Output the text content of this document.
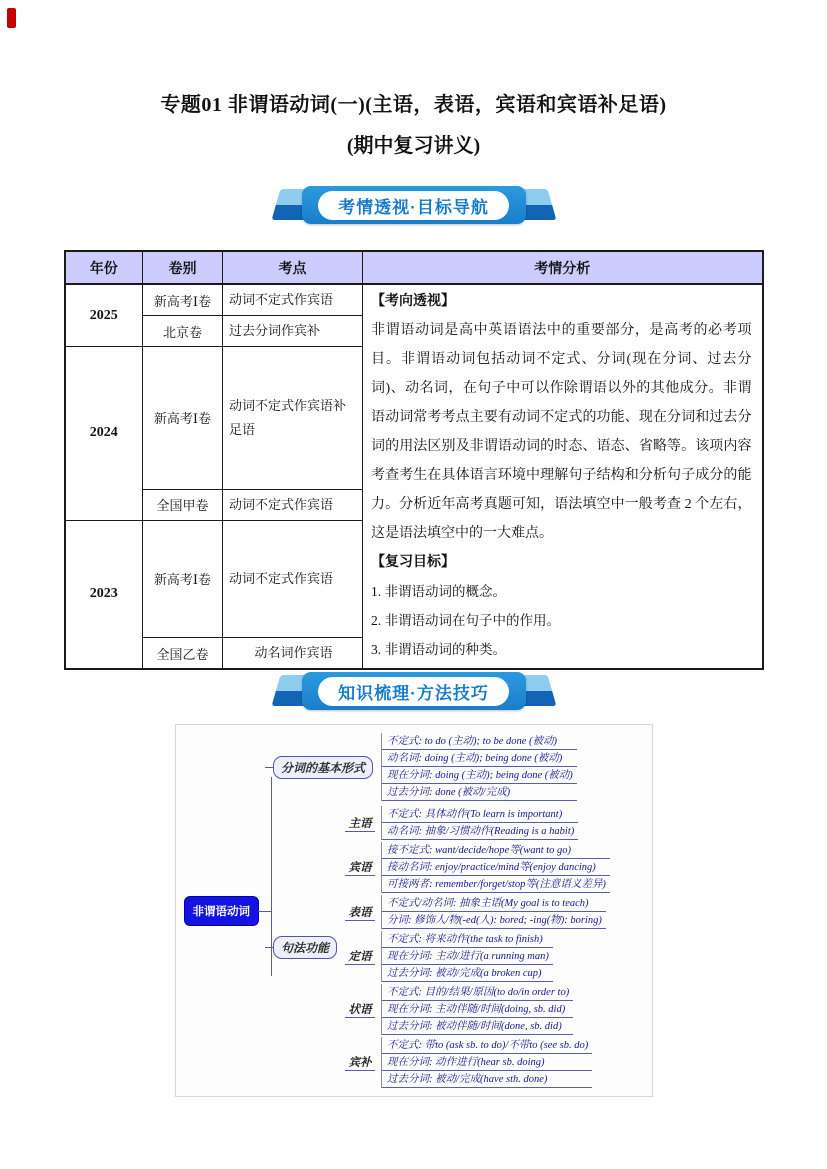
专题01 非谓语动词(一)(主语，表语，宾语和宾语补足语)
(期中复习讲义)
考情透视·目标导航
年份	卷别	考点	考情分析
2025	新高考Ⅰ卷	动词不定式作宾语	【考向透视】
非谓语动词是高中英语语法中的重要部分，是高考的必考项目。非谓语动词包括动词不定式、分词(现在分词、过去分词)、动名词，在句子中可以作除谓语以外的其他成分。非谓语动词常考考点主要有动词不定式的功能、现在分词和过去分词的用法区别及非谓语动词的时态、语态、省略等。该项内容考查考生在具体语言环境中理解句子结构和分析句子成分的能力。分析近年高考真题可知，语法填空中一般考查 2 个左右，这是语法填空中的一大难点。
【复习目标】
1. 非谓语动词的概念。
2. 非谓语动词在句子中的作用。
3. 非谓语动词的种类。

	北京卷	过去分词作宾补	
2024	新高考Ⅰ卷	动词不定式作宾语补足语	
	全国甲卷	动词不定式作宾语	
2023	新高考Ⅰ卷	动词不定式作宾语	
	全国乙卷	动名词作宾语	
知识梳理·方法技巧
非谓语动词
分词的基本形式
不定式: to do (主动); to be done (被动)
动名词: doing (主动); being done (被动)
现在分词: doing (主动); being done (被动)
过去分词: done (被动/完成)
句法功能
主语
不定式: 具体动作(To learn is important)
动名词: 抽象/习惯动作(Reading is a habit)
宾语
接不定式: want/decide/hope等(want to go)
接动名词: enjoy/practice/mind等(enjoy dancing)
可接两者: remember/forget/stop等(注意语义差异)
表语
不定式/动名词: 抽象主语(My goal is to teach)
分词: 修饰人/物(-ed(人): bored; -ing(物): boring)
定语
不定式: 将来动作(the task to finish)
现在分词: 主动/进行(a running man)
过去分词: 被动/完成(a broken cup)
状语
不定式: 目的/结果/原因(to do/in order to)
现在分词: 主动伴随/时间(doing, sb. did)
过去分词: 被动伴随/时间(done, sb. did)
宾补
不定式: 带to (ask sb. to do)/不带to (see sb. do)
现在分词: 动作进行(hear sb. doing)
过去分词: 被动/完成(have sth. done)
